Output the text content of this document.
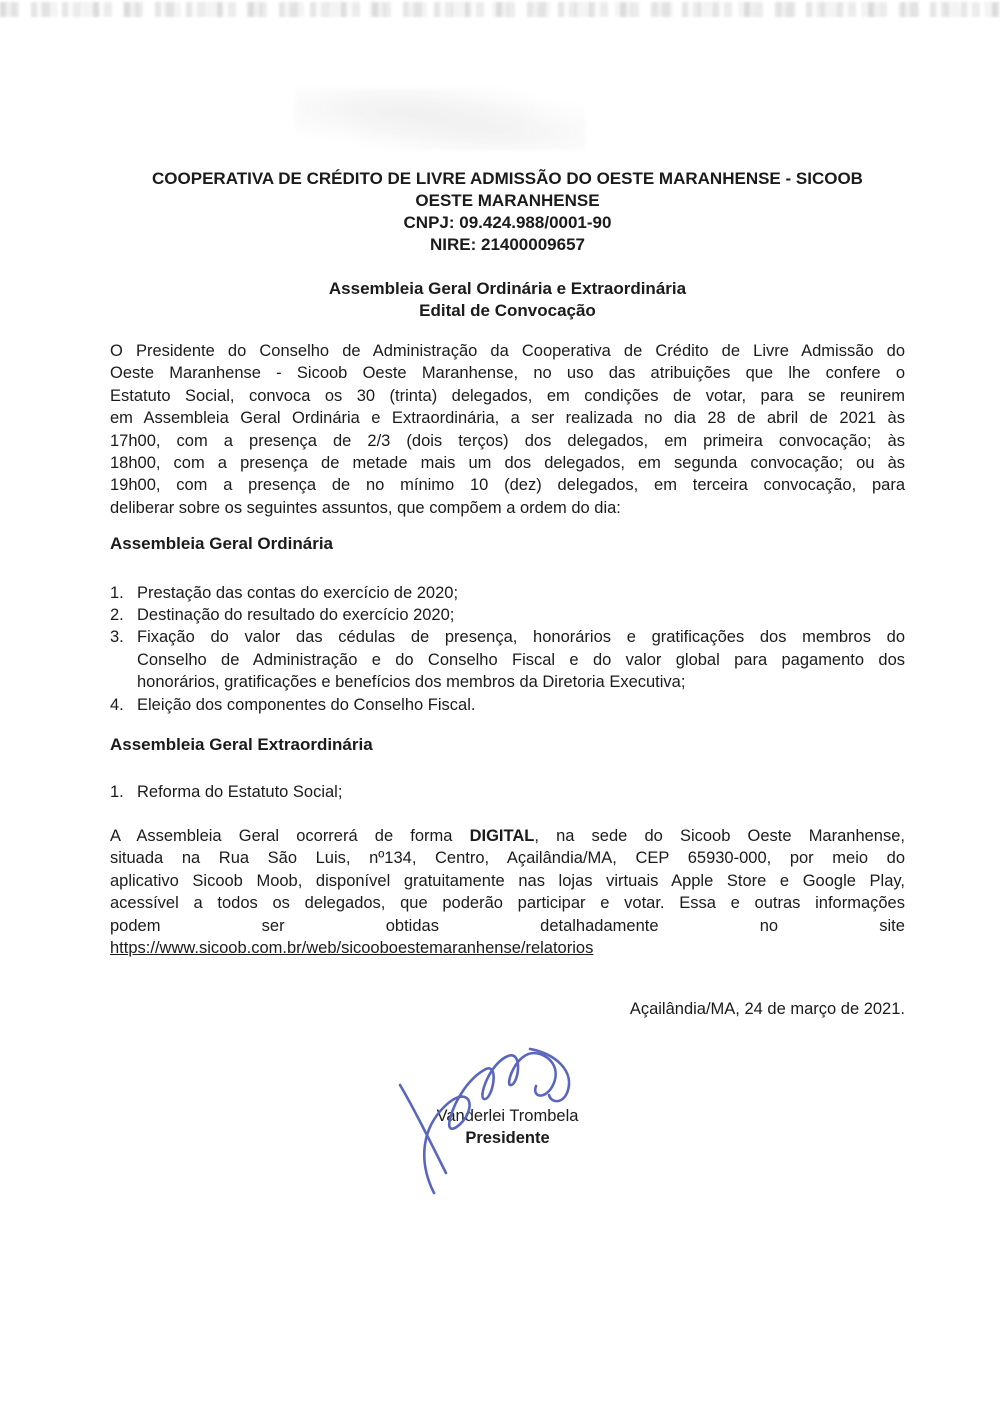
COOPERATIVA DE CRÉDITO DE LIVRE ADMISSÃO DO OESTE MARANHENSE - SICOOB
OESTE MARANHENSE
CNPJ: 09.424.988/0001-90
NIRE: 21400009657
Assembleia Geral Ordinária e Extraordinária
Edital de Convocação
O Presidente do Conselho de Administração da Cooperativa de Crédito de Livre Admissão do
Oeste Maranhense - Sicoob Oeste Maranhense, no uso das atribuições que lhe confere o
Estatuto Social, convoca os 30 (trinta) delegados, em condições de votar, para se reunirem
em Assembleia Geral Ordinária e Extraordinária, a ser realizada no dia 28 de abril de 2021 às
17h00, com a presença de 2/3 (dois terços) dos delegados, em primeira convocação; às
18h00, com a presença de metade mais um dos delegados, em segunda convocação; ou às
19h00, com a presença de no mínimo 10 (dez) delegados, em terceira convocação, para
deliberar sobre os seguintes assuntos, que compõem a ordem do dia:
Assembleia Geral Ordinária
1. Prestação das contas do exercício de 2020;
2. Destinação do resultado do exercício 2020;
3. Fixação do valor das cédulas de presença, honorários e gratificações dos membros do
Conselho de Administração e do Conselho Fiscal e do valor global para pagamento dos
honorários, gratificações e benefícios dos membros da Diretoria Executiva;
4. Eleição dos componentes do Conselho Fiscal.
Assembleia Geral Extraordinária
1. Reforma do Estatuto Social;
A Assembleia Geral ocorrerá de forma DIGITAL, na sede do Sicoob Oeste Maranhense,
situada na Rua São Luis, nº134, Centro, Açailândia/MA, CEP 65930-000, por meio do
aplicativo Sicoob Moob, disponível gratuitamente nas lojas virtuais Apple Store e Google Play,
acessível a todos os delegados, que poderão participar e votar. Essa e outras informações
podem	ser	obtidas	detalhadamente	no	site
https://www.sicoob.com.br/web/sicooboestemaranhense/relatorios
Açailândia/MA, 24 de março de 2021.
Vanderlei Trombela
Presidente
